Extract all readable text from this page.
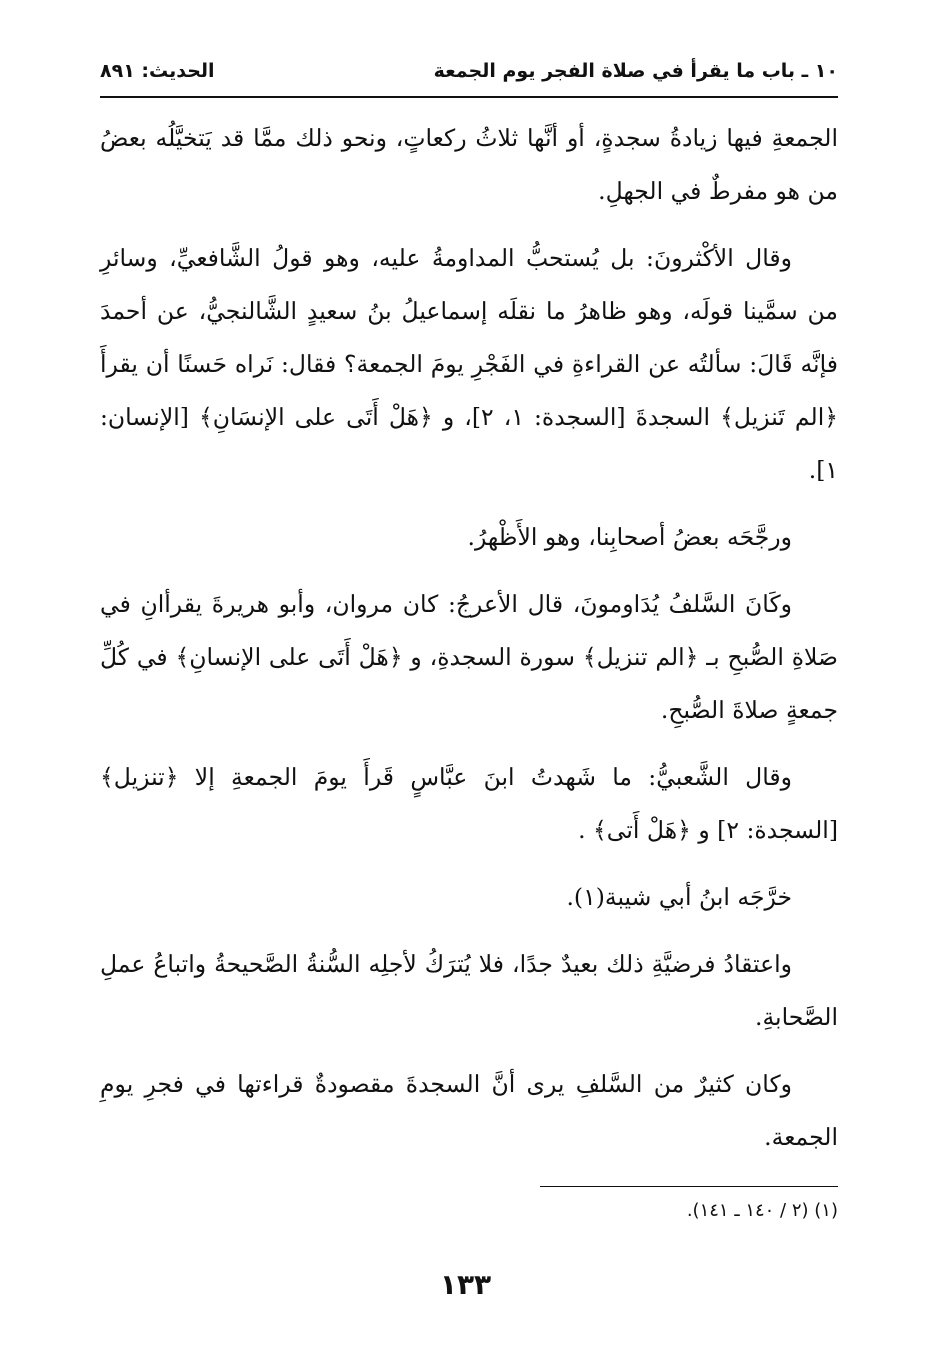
١٠ ـ باب ما يقرأ في صلاة الفجر يوم الجمعة
الحديث: ٨٩١

الجمعةِ فيها زيادةُ سجدةٍ، أو أنَّها ثلاثُ ركعاتٍ، ونحو ذلك ممَّا قد يَتخيَّلُه بعضُ من هو مفرطٌ في الجهلِ.

وقال الأكْثرونَ: بل يُستحبُّ المداومةُ عليه، وهو قولُ الشَّافعيِّ، وسائرِ من سمَّينا قولَه، وهو ظاهرُ ما نقلَه إسماعيلُ بنُ سعيدٍ الشَّالنجيُّ، عن أحمدَ فإنَّه قَالَ: سألتُه عن القراءةِ في الفَجْرِ يومَ الجمعة؟ فقال: نَراه حَسنًا أن يقرأَ ﴿الم تَنزيل﴾ السجدةَ [السجدة: ١، ٢]، و ﴿هَلْ أَتَى على الإنسَانِ﴾ [الإنسان: ١].

ورجَّحَه بعضُ أصحابِنا، وهو الأَظْهرُ.

وكَانَ السَّلفُ يُدَاومونَ، قال الأعرجُ: كان مروان، وأبو هريرةَ يقرأانِ في صَلاةِ الصُّبحِ بـ ﴿الم تنزيل﴾ سورة السجدةِ، و ﴿هَلْ أَتَى على الإنسانِ﴾ في كُلِّ جمعةٍ صلاةَ الصُّبحِ.

وقال الشَّعبيُّ: ما شَهدتُ ابنَ عبَّاسٍ قَرأَ يومَ الجمعةِ إلا ﴿تنزيل﴾ [السجدة: ٢] و ﴿هَلْ أَتى﴾ .

خرَّجَه ابنُ أبي شيبة(١).

واعتقادُ فرضيَّةِ ذلك بعيدٌ جدًا، فلا يُترَكُ لأجلِه السُّنةُ الصَّحيحةُ واتباعُ عملِ الصَّحابةِ.

وكان كثيرٌ من السَّلفِ يرى أنَّ السجدةَ مقصودةٌ قراءتها في فجرِ يومِ الجمعة.

(١) (٢ / ١٤٠ ـ ١٤١).
١٣٣
